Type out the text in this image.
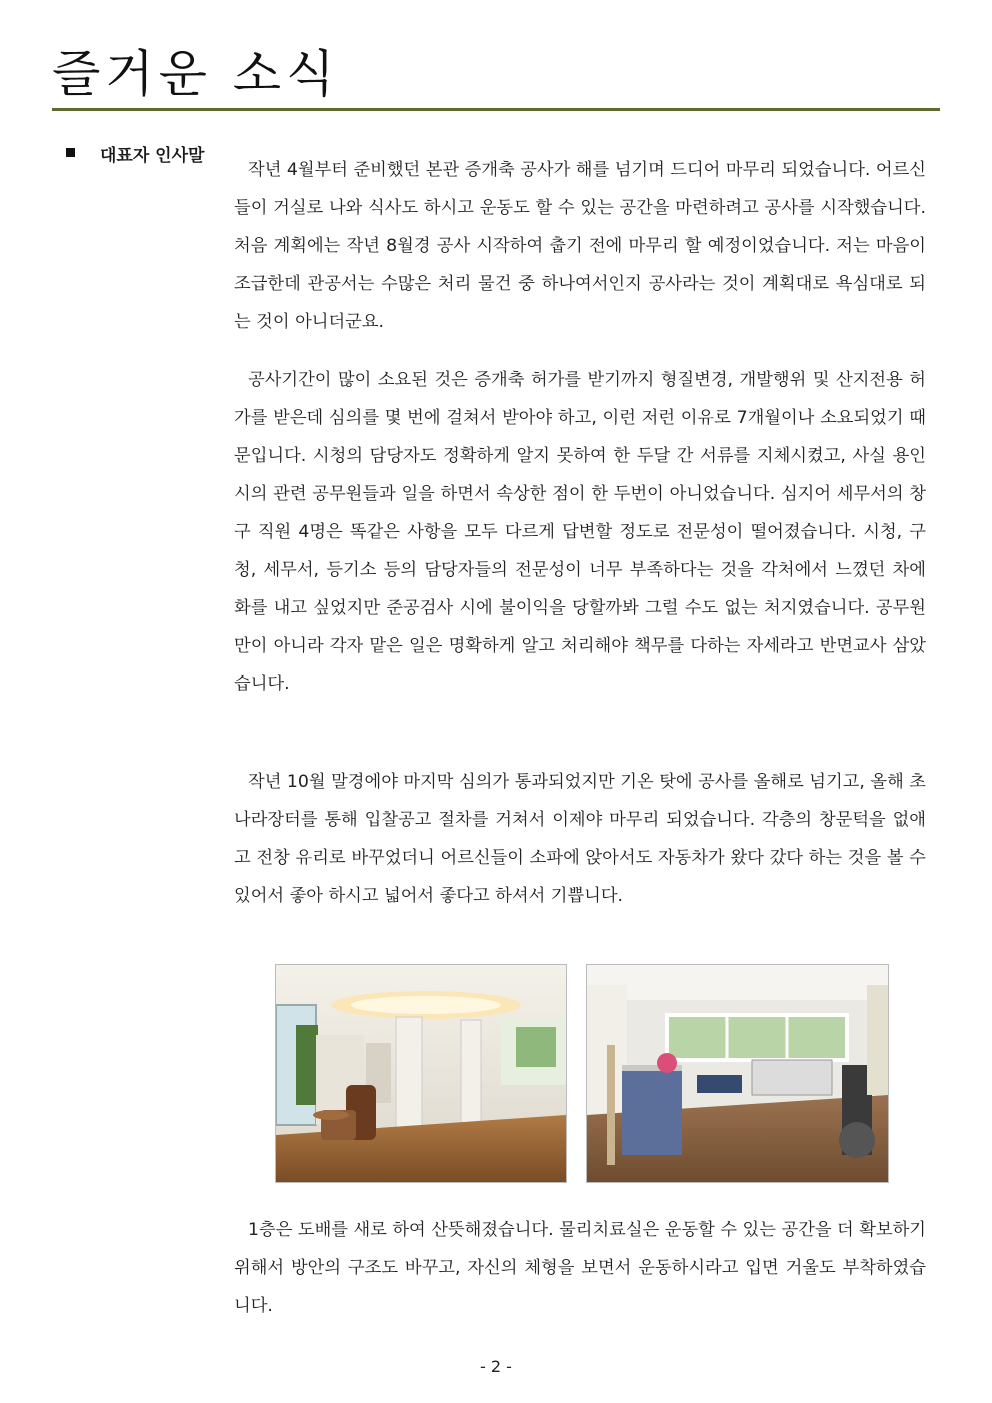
즐거운 소식
대표자 인사말

작년 4월부터 준비했던 본관 증개축 공사가 해를 넘기며 드디어 마무리 되었습니다. 어르신들이 거실로 나와 식사도 하시고 운동도 할 수 있는 공간을 마련하려고 공사를 시작했습니다. 처음 계획에는 작년 8월경 공사 시작하여 춥기 전에 마무리 할 예정이었습니다. 저는 마음이 조급한데 관공서는 수많은 처리 물건 중 하나여서인지 공사라는 것이 계획대로 욕심대로 되는 것이 아니더군요.

공사기간이 많이 소요된 것은 증개축 허가를 받기까지 형질변경, 개발행위 및 산지전용 허가를 받은데 심의를 몇 번에 걸쳐서 받아야 하고, 이런 저런 이유로 7개월이나 소요되었기 때문입니다. 시청의 담당자도 정확하게 알지 못하여 한 두달 간 서류를 지체시켰고, 사실 용인시의 관련 공무원들과 일을 하면서 속상한 점이 한 두번이 아니었습니다. 심지어 세무서의 창구 직원 4명은 똑같은 사항을 모두 다르게 답변할 정도로 전문성이 떨어졌습니다. 시청, 구청, 세무서, 등기소 등의 담당자들의 전문성이 너무 부족하다는 것을 각처에서 느꼈던 차에 화를 내고 싶었지만 준공검사 시에 불이익을 당할까봐 그럴 수도 없는 처지였습니다. 공무원만이 아니라 각자 맡은 일은 명확하게 알고 처리해야 책무를 다하는 자세라고 반면교사 삼았습니다.

작년 10월 말경에야 마지막 심의가 통과되었지만 기온 탓에 공사를 올해로 넘기고, 올해 초 나라장터를 통해 입찰공고 절차를 거쳐서 이제야 마무리 되었습니다. 각층의 창문턱을 없애고 전창 유리로 바꾸었더니 어르신들이 소파에 앉아서도 자동차가 왔다 갔다 하는 것을 볼 수 있어서 좋아 하시고 넓어서 좋다고 하셔서 기쁩니다.

1층은 도배를 새로 하여 산뜻해졌습니다. 물리치료실은 운동할 수 있는 공간을 더 확보하기 위해서 방안의 구조도 바꾸고, 자신의 체형을 보면서 운동하시라고 입면 거울도 부착하였습니다.

- 2 -
